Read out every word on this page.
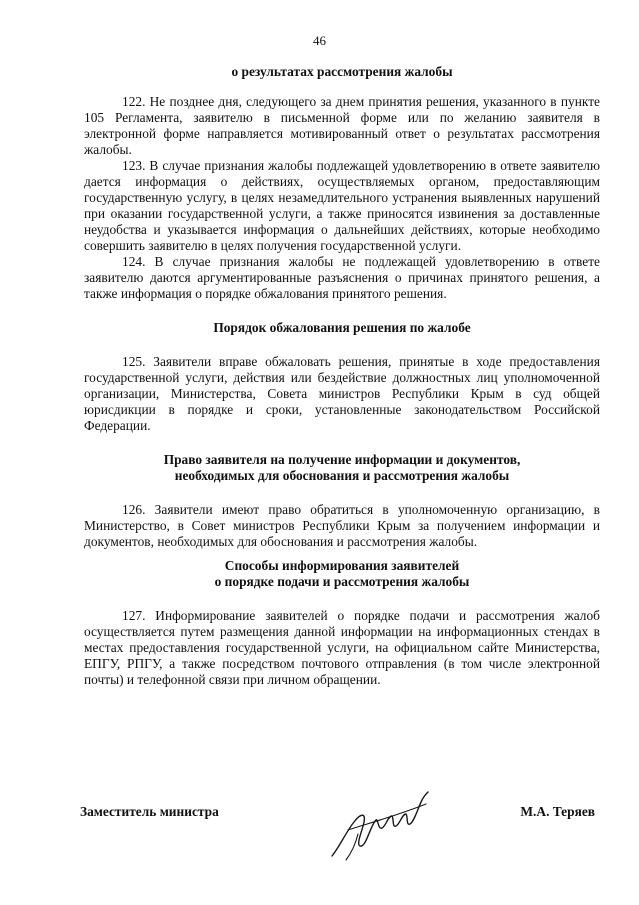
46

о результатах рассмотрения жалобы

122. Не позднее дня, следующего за днем принятия решения, указанного в пункте 105 Регламента, заявителю в письменной форме или по желанию заявителя в электронной форме направляется мотивированный ответ о результатах рассмотрения жалобы.

123. В случае признания жалобы подлежащей удовлетворению в ответе заявителю дается информация о действиях, осуществляемых органом, предоставляющим государственную услугу, в целях незамедлительного устранения выявленных нарушений при оказании государственной услуги, а также приносятся извинения за доставленные неудобства и указывается информация о дальнейших действиях, которые необходимо совершить заявителю в целях получения государственной услуги.

124. В случае признания жалобы не подлежащей удовлетворению в ответе заявителю даются аргументированные разъяснения о причинах принятого решения, а также информация о порядке обжалования принятого решения.

Порядок обжалования решения по жалобе

125. Заявители вправе обжаловать решения, принятые в ходе предоставления государственной услуги, действия или бездействие должностных лиц уполномоченной организации, Министерства, Совета министров Республики Крым в суд общей юрисдикции в порядке и сроки, установленные законодательством Российской Федерации.

Право заявителя на получение информации и документов,

необходимых для обоснования и рассмотрения жалобы

126. Заявители имеют право обратиться в уполномоченную организацию, в Министерство, в Совет министров Республики Крым за получением информации и документов, необходимых для обоснования и рассмотрения жалобы.

Способы информирования заявителей

о порядке подачи и рассмотрения жалобы

127. Информирование заявителей о порядке подачи и рассмотрения жалоб осуществляется путем размещения данной информации на информационных стендах в местах предоставления государственной услуги, на официальном сайте Министерства, ЕПГУ, РПГУ, а также посредством почтового отправления (в том числе электронной почты) и телефонной связи при личном обращении.

Заместитель министра	М.А. Теряев
